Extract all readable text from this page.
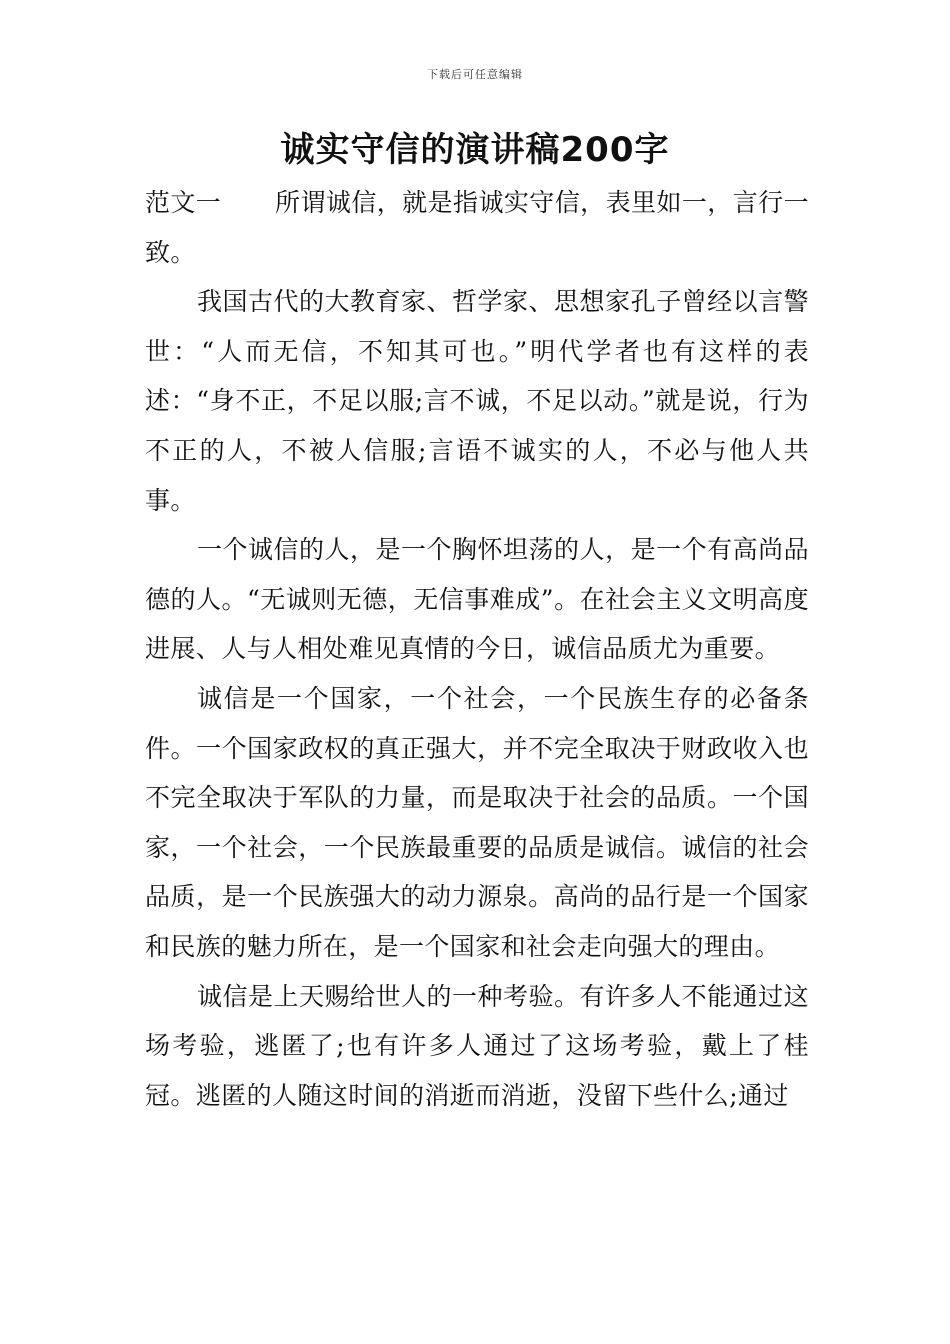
下载后可任意编辑
诚实守信的演讲稿200字

范文一 所谓诚信，就是指诚实守信，表里如一，言行一致。

我国古代的大教育家、哲学家、思想家孔子曾经以言警世：“人而无信，不知其可也。”明代学者也有这样的表述：“身不正，不足以服;言不诚，不足以动。”就是说，行为不正的人，不被人信服;言语不诚实的人，不必与他人共事。

一个诚信的人，是一个胸怀坦荡的人，是一个有高尚品德的人。“无诚则无德，无信事难成”。在社会主义文明高度进展、人与人相处难见真情的今日，诚信品质尤为重要。

诚信是一个国家，一个社会，一个民族生存的必备条件。一个国家政权的真正强大，并不完全取决于财政收入也不完全取决于军队的力量，而是取决于社会的品质。一个国家，一个社会，一个民族最重要的品质是诚信。诚信的社会品质，是一个民族强大的动力源泉。高尚的品行是一个国家和民族的魅力所在，是一个国家和社会走向强大的理由。

诚信是上天赐给世人的一种考验。有许多人不能通过这场考验，逃匿了;也有许多人通过了这场考验，戴上了桂冠。逃匿的人随这时间的消逝而消逝，没留下些什么;通过
